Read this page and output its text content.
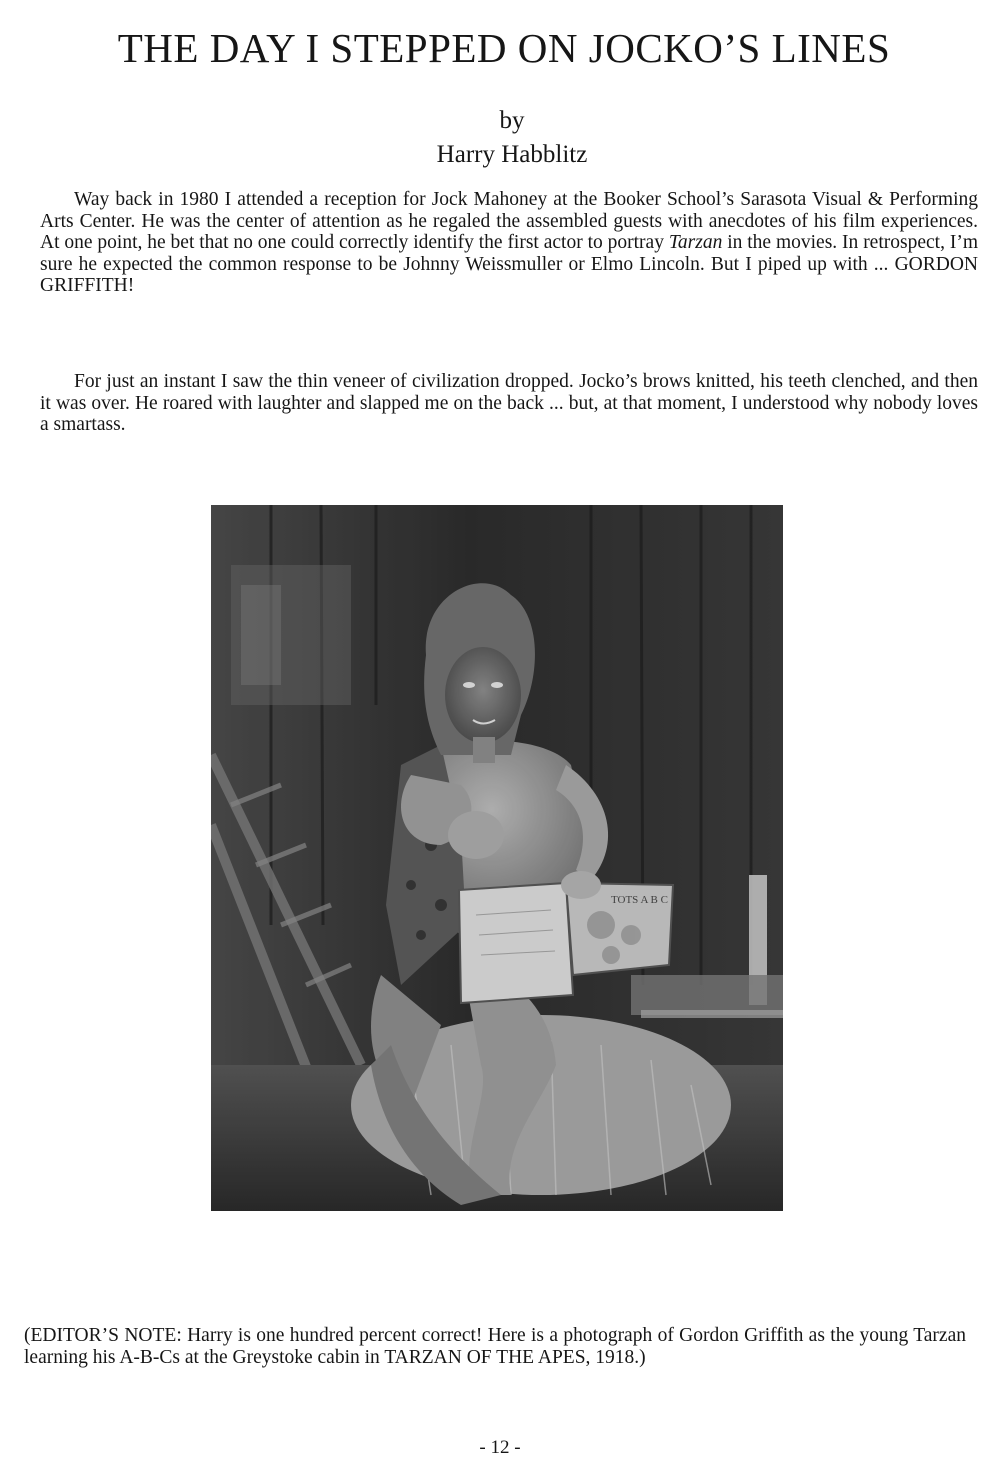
THE DAY I STEPPED ON JOCKO’S LINES
by
Harry Habblitz

Way back in 1980 I attended a reception for Jock Mahoney at the Booker School’s Sarasota Visual & Performing Arts Center. He was the center of attention as he regaled the assembled guests with anecdotes of his film experiences. At one point, he bet that no one could correctly identify the first actor to portray Tarzan in the movies. In retrospect, I’m sure he expected the common response to be Johnny Weissmuller or Elmo Lincoln. But I piped up with ... GORDON GRIFFITH!

For just an instant I saw the thin veneer of civilization dropped. Jocko’s brows knitted, his teeth clenched, and then it was over. He roared with laughter and slapped me on the back ... but, at that moment, I understood why nobody loves a smartass.

TOTS A B C

(EDITOR’S NOTE: Harry is one hundred percent correct! Here is a photograph of Gordon Griffith as the young Tarzan learning his A-B-Cs at the Greystoke cabin in TARZAN OF THE APES, 1918.)

- 12 -
